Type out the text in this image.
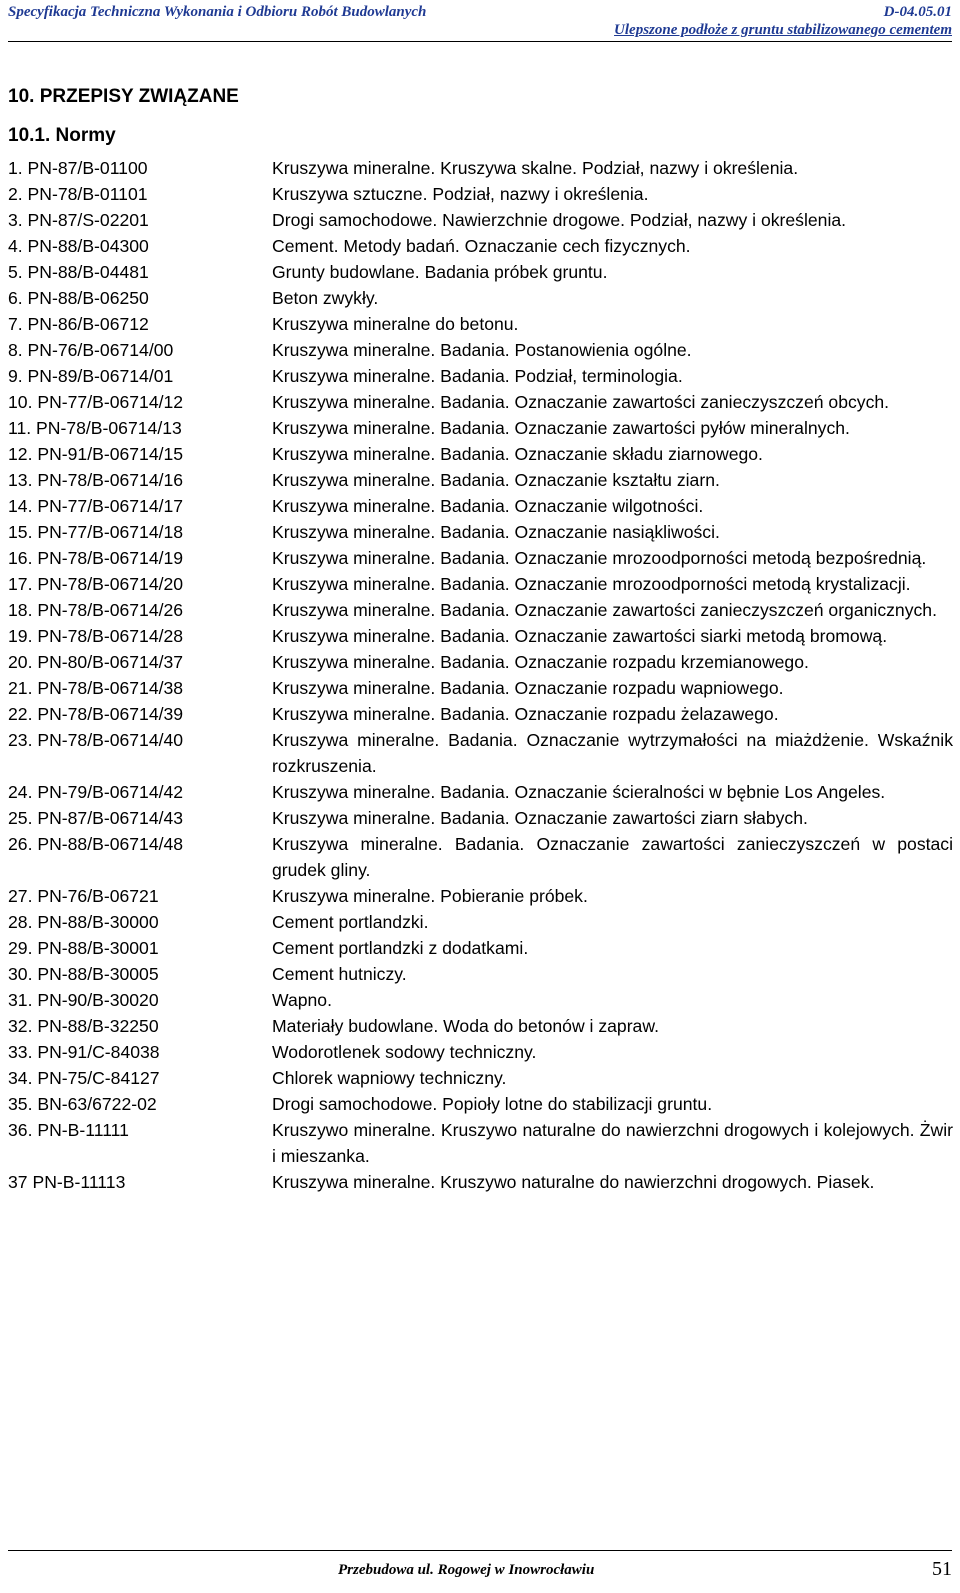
Specyfikacja Techniczna Wykonania i Odbioru Robót Budowlanych	D-04.05.01
Ulepszone podłoże z gruntu stabilizowanego cementem
10. PRZEPISY ZWIĄZANE
10.1. Normy
1. PN-87/B-01100	Kruszywa mineralne. Kruszywa skalne. Podział, nazwy i określenia.
2. PN-78/B-01101	Kruszywa sztuczne. Podział, nazwy i określenia.
3. PN-87/S-02201	Drogi samochodowe. Nawierzchnie drogowe. Podział, nazwy i określenia.
4. PN-88/B-04300	Cement. Metody badań. Oznaczanie cech fizycznych.
5. PN-88/B-04481	Grunty budowlane. Badania próbek gruntu.
6. PN-88/B-06250	Beton zwykły.
7. PN-86/B-06712	Kruszywa mineralne do betonu.
8. PN-76/B-06714/00	Kruszywa mineralne. Badania. Postanowienia ogólne.
9. PN-89/B-06714/01	Kruszywa mineralne. Badania. Podział, terminologia.
10. PN-77/B-06714/12	Kruszywa mineralne. Badania. Oznaczanie zawartości zanieczyszczeń obcych.
11. PN-78/B-06714/13	Kruszywa mineralne. Badania. Oznaczanie zawartości pyłów mineralnych.
12. PN-91/B-06714/15	Kruszywa mineralne. Badania. Oznaczanie składu ziarnowego.
13. PN-78/B-06714/16	Kruszywa mineralne. Badania. Oznaczanie kształtu ziarn.
14. PN-77/B-06714/17	Kruszywa mineralne. Badania. Oznaczanie wilgotności.
15. PN-77/B-06714/18	Kruszywa mineralne. Badania. Oznaczanie nasiąkliwości.
16. PN-78/B-06714/19	Kruszywa mineralne. Badania. Oznaczanie mrozoodporności metodą bezpośrednią.
17. PN-78/B-06714/20	Kruszywa mineralne. Badania. Oznaczanie mrozoodporności metodą krystalizacji.
18. PN-78/B-06714/26	Kruszywa mineralne. Badania. Oznaczanie zawartości zanieczyszczeń organicznych.
19. PN-78/B-06714/28	Kruszywa mineralne. Badania. Oznaczanie zawartości siarki metodą bromową.
20. PN-80/B-06714/37	Kruszywa mineralne. Badania. Oznaczanie rozpadu krzemianowego.
21. PN-78/B-06714/38	Kruszywa mineralne. Badania. Oznaczanie rozpadu wapniowego.
22. PN-78/B-06714/39	Kruszywa mineralne. Badania. Oznaczanie rozpadu żelazawego.
23. PN-78/B-06714/40	Kruszywa mineralne. Badania. Oznaczanie wytrzymałości na miażdżenie. Wskaźnik rozkruszenia.
24. PN-79/B-06714/42	Kruszywa mineralne. Badania. Oznaczanie ścieralności w bębnie Los Angeles.
25. PN-87/B-06714/43	Kruszywa mineralne. Badania. Oznaczanie zawartości ziarn słabych.
26. PN-88/B-06714/48	Kruszywa mineralne. Badania. Oznaczanie zawartości zanieczyszczeń w postaci grudek gliny.
27. PN-76/B-06721	Kruszywa mineralne. Pobieranie próbek.
28. PN-88/B-30000	Cement portlandzki.
29. PN-88/B-30001	Cement portlandzki z dodatkami.
30. PN-88/B-30005	Cement hutniczy.
31. PN-90/B-30020	Wapno.
32. PN-88/B-32250	Materiały budowlane. Woda do betonów i zapraw.
33. PN-91/C-84038	Wodorotlenek sodowy techniczny.
34. PN-75/C-84127	Chlorek wapniowy techniczny.
35. BN-63/6722-02	Drogi samochodowe. Popioły lotne do stabilizacji gruntu.
36. PN-B-11111	Kruszywo mineralne. Kruszywo naturalne do nawierzchni drogowych i kolejowych. Żwir i mieszanka.
37 PN-B-11113	Kruszywa mineralne. Kruszywo naturalne do nawierzchni drogowych. Piasek.
Przebudowa ul. Rogowej w Inowrocławiu	51
